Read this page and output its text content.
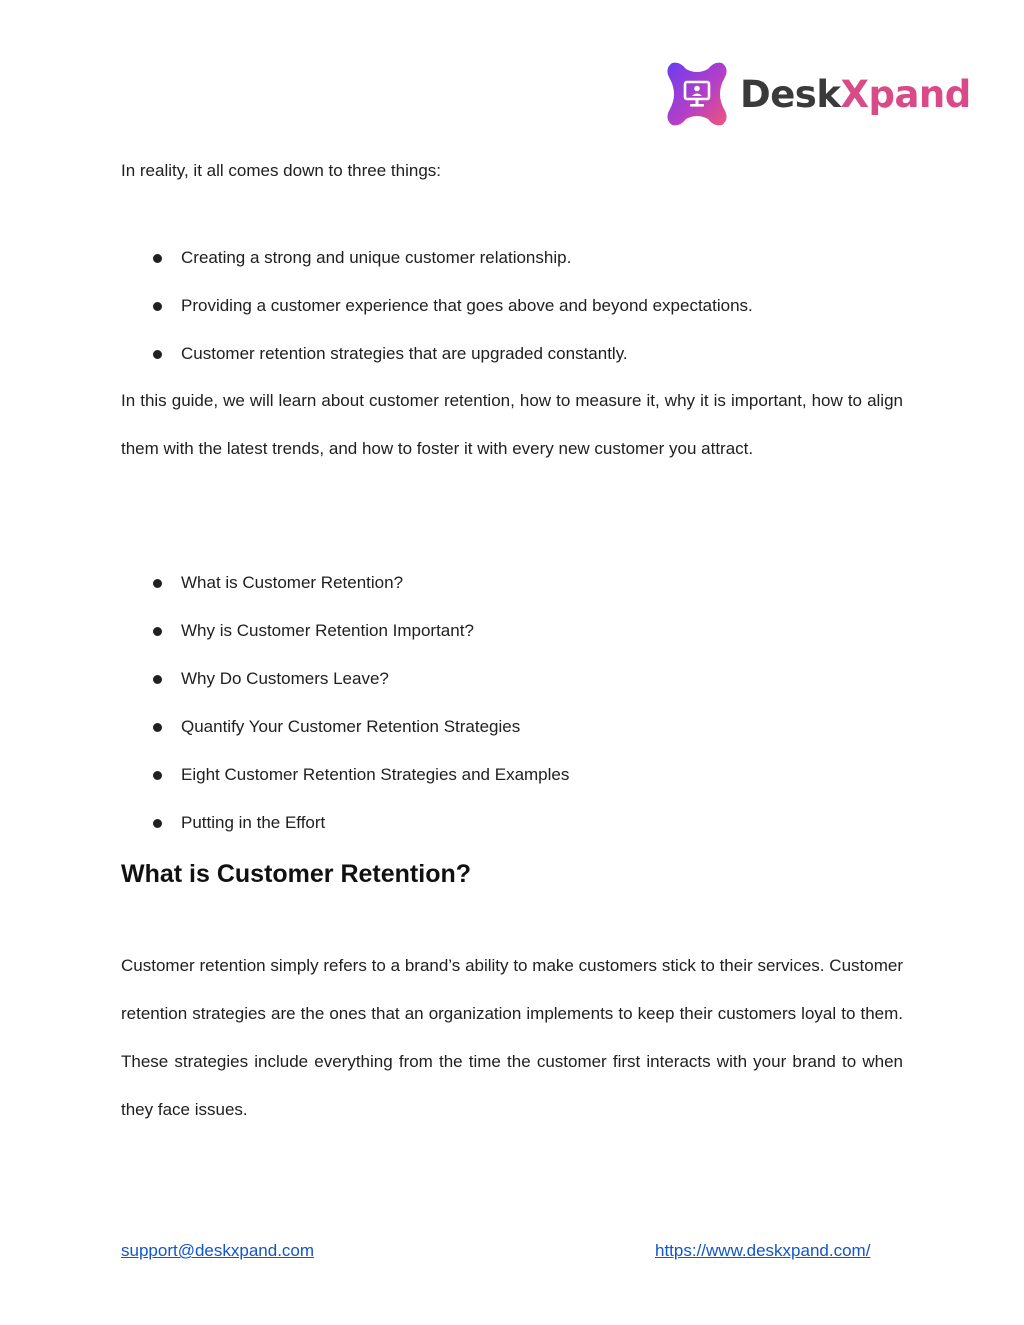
DeskXpand

In reality, it all comes down to three things:

Creating a strong and unique customer relationship.
Providing a customer experience that goes above and beyond expectations.
Customer retention strategies that are upgraded constantly.

In this guide, we will learn about customer retention, how to measure it, why it is important, how to align them with the latest trends, and how to foster it with every new customer you attract.

What is Customer Retention?
Why is Customer Retention Important?
Why Do Customers Leave?
Quantify Your Customer Retention Strategies
Eight Customer Retention Strategies and Examples
Putting in the Effort
What is Customer Retention?

Customer retention simply refers to a brand’s ability to make customers stick to their services. Customer retention strategies are the ones that an organization implements to keep their customers loyal to them. These strategies include everything from the time the customer first interacts with your brand to when they face issues.

support@deskxpand.com	https://www.deskxpand.com/
